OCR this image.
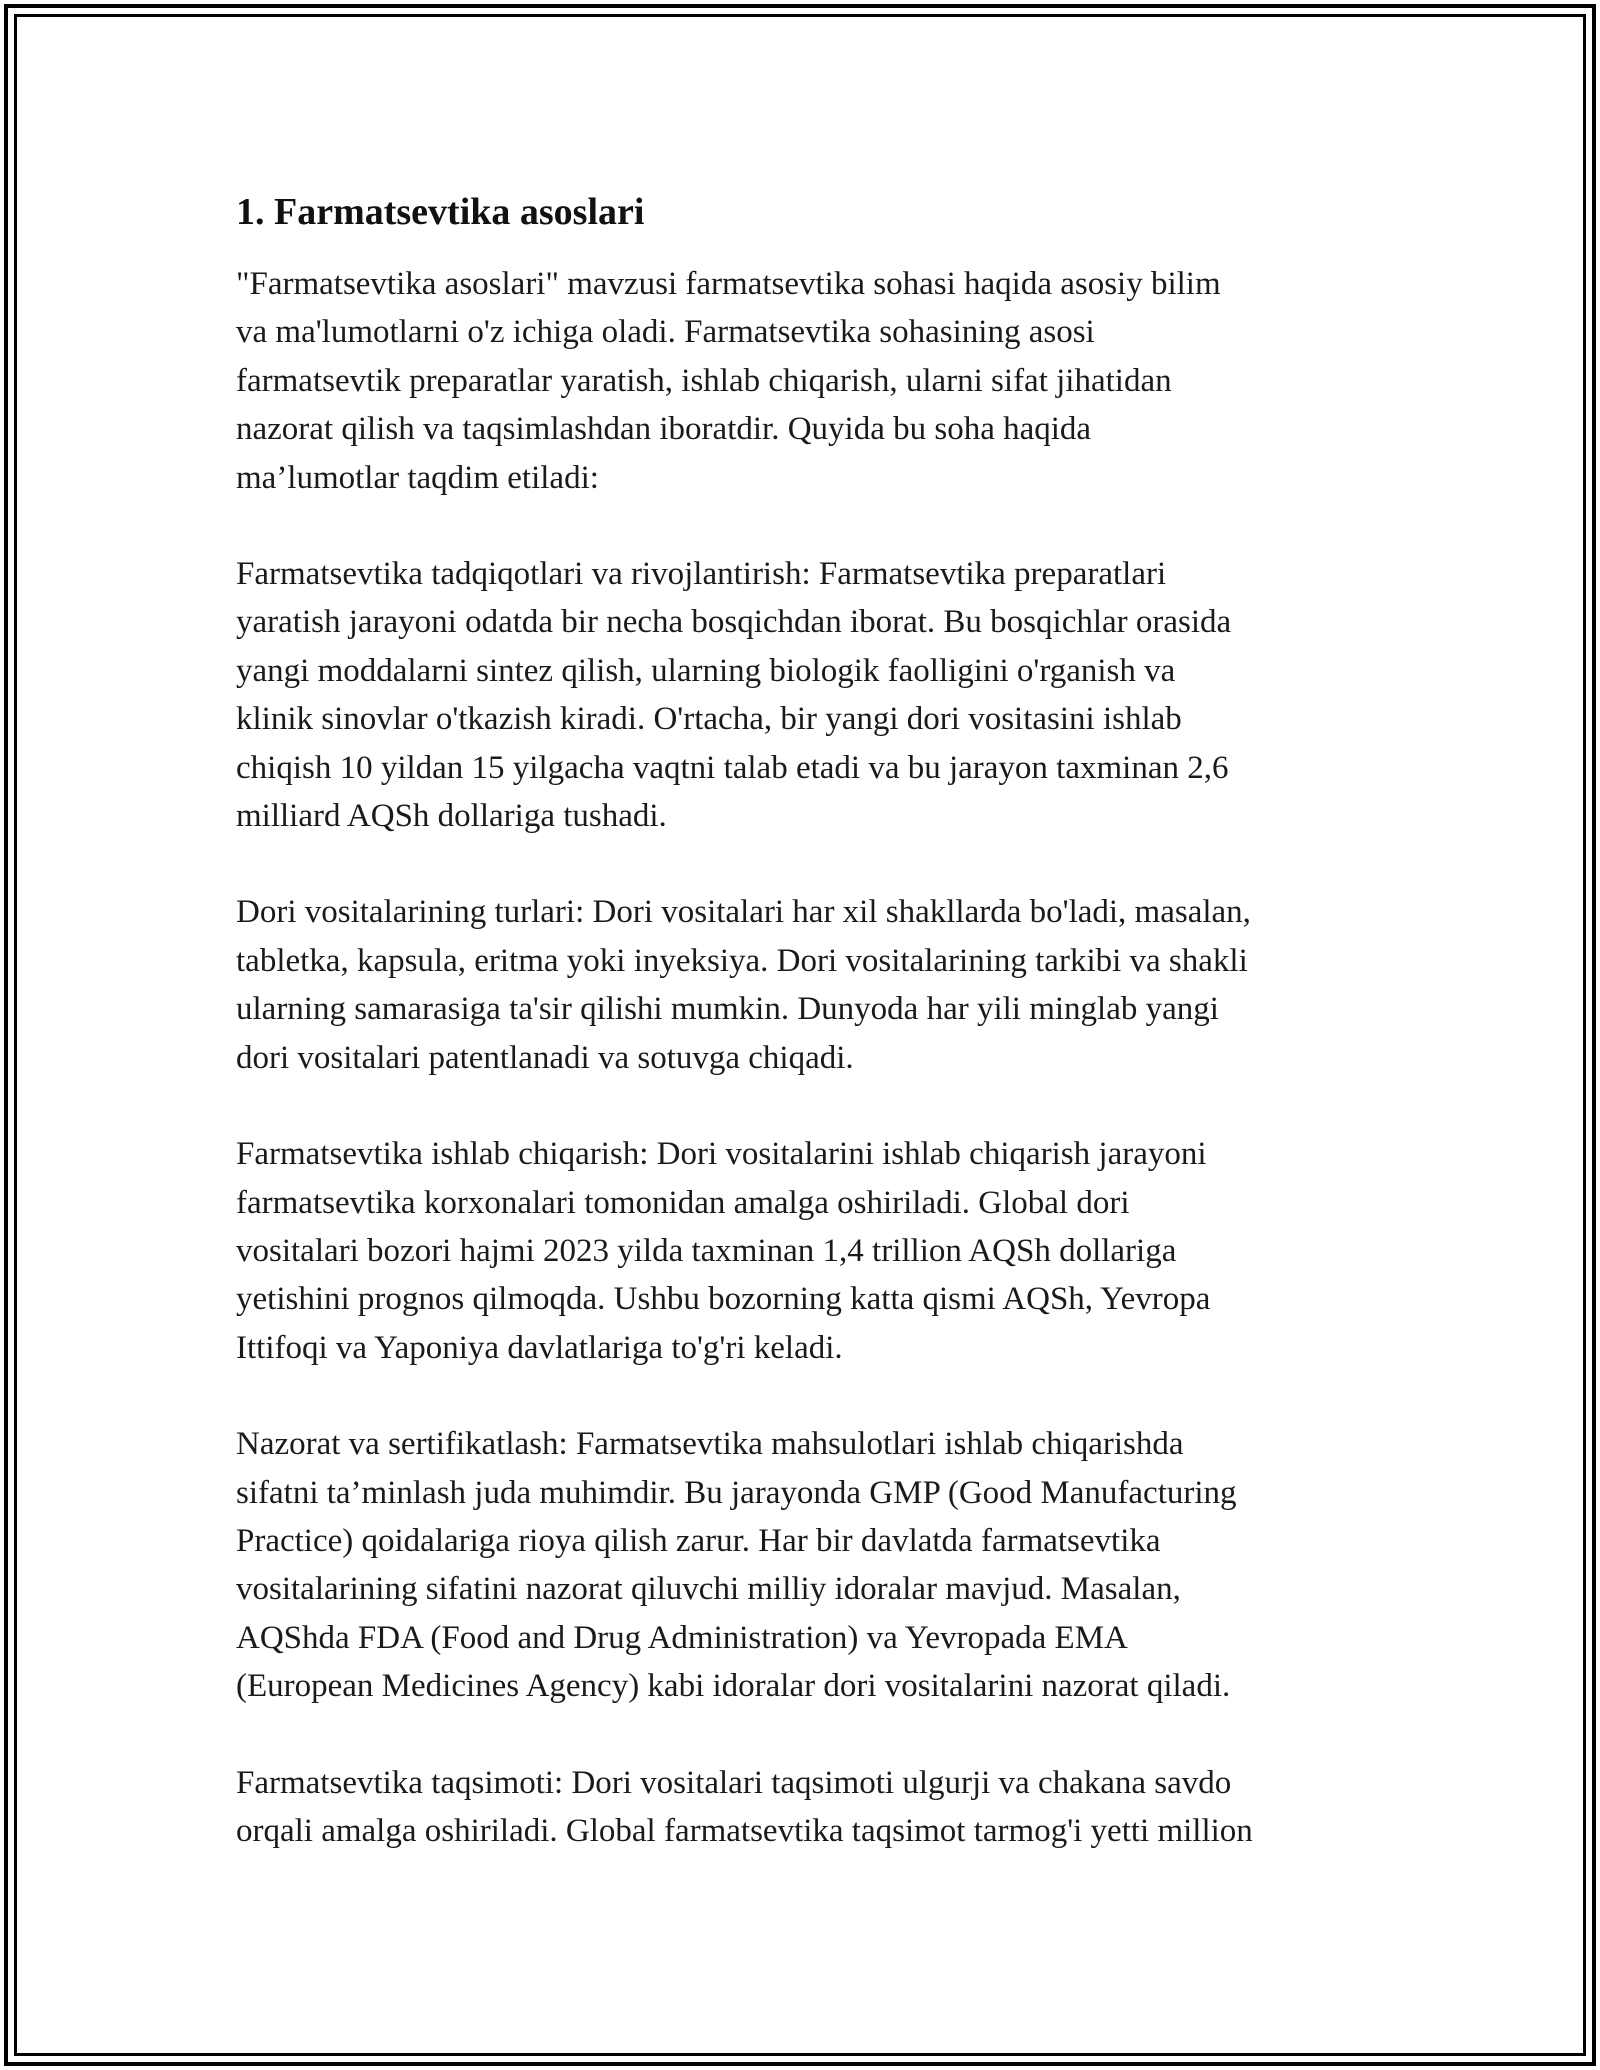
1. Farmatsevtika asoslari

"Farmatsevtika asoslari" mavzusi farmatsevtika sohasi haqida asosiy bilim
va ma'lumotlarni o'z ichiga oladi. Farmatsevtika sohasining asosi
farmatsevtik preparatlar yaratish, ishlab chiqarish, ularni sifat jihatidan
nazorat qilish va taqsimlashdan iboratdir. Quyida bu soha haqida
ma’lumotlar taqdim etiladi:

Farmatsevtika tadqiqotlari va rivojlantirish: Farmatsevtika preparatlari
yaratish jarayoni odatda bir necha bosqichdan iborat. Bu bosqichlar orasida
yangi moddalarni sintez qilish, ularning biologik faolligini o'rganish va
klinik sinovlar o'tkazish kiradi. O'rtacha, bir yangi dori vositasini ishlab
chiqish 10 yildan 15 yilgacha vaqtni talab etadi va bu jarayon taxminan 2,6
milliard AQSh dollariga tushadi.

Dori vositalarining turlari: Dori vositalari har xil shakllarda bo'ladi, masalan,
tabletka, kapsula, eritma yoki inyeksiya. Dori vositalarining tarkibi va shakli
ularning samarasiga ta'sir qilishi mumkin. Dunyoda har yili minglab yangi
dori vositalari patentlanadi va sotuvga chiqadi.

Farmatsevtika ishlab chiqarish: Dori vositalarini ishlab chiqarish jarayoni
farmatsevtika korxonalari tomonidan amalga oshiriladi. Global dori
vositalari bozori hajmi 2023 yilda taxminan 1,4 trillion AQSh dollariga
yetishini prognos qilmoqda. Ushbu bozorning katta qismi AQSh, Yevropa
Ittifoqi va Yaponiya davlatlariga to'g'ri keladi.

Nazorat va sertifikatlash: Farmatsevtika mahsulotlari ishlab chiqarishda
sifatni ta’minlash juda muhimdir. Bu jarayonda GMP (Good Manufacturing
Practice) qoidalariga rioya qilish zarur. Har bir davlatda farmatsevtika
vositalarining sifatini nazorat qiluvchi milliy idoralar mavjud. Masalan,
AQShda FDA (Food and Drug Administration) va Yevropada EMA
(European Medicines Agency) kabi idoralar dori vositalarini nazorat qiladi.

Farmatsevtika taqsimoti: Dori vositalari taqsimoti ulgurji va chakana savdo
orqali amalga oshiriladi. Global farmatsevtika taqsimot tarmog'i yetti million
